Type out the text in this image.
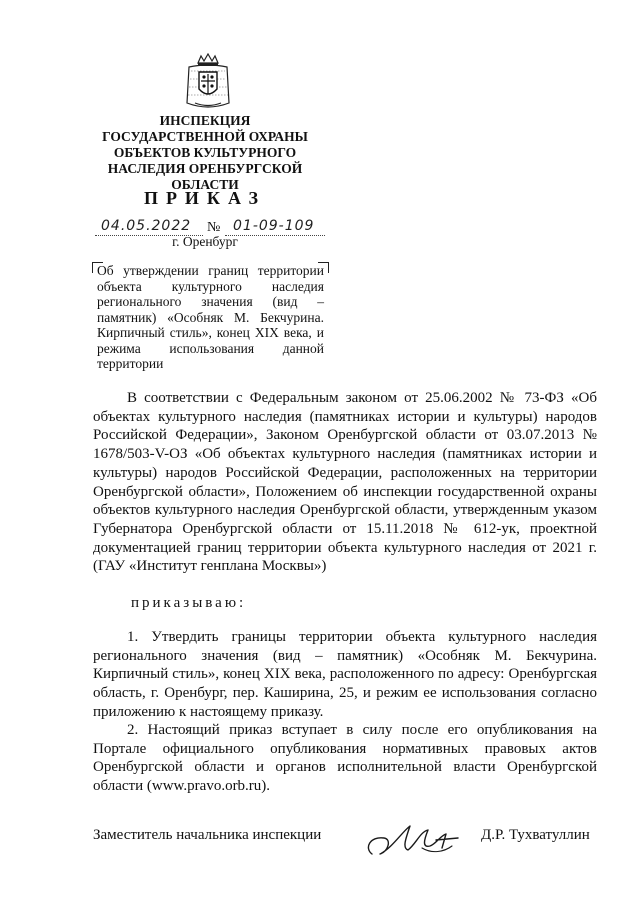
ИНСПЕКЦИЯ
ГОСУДАРСТВЕННОЙ ОХРАНЫ
ОБЪЕКТОВ КУЛЬТУРНОГО
НАСЛЕДИЯ ОРЕНБУРГСКОЙ
ОБЛАСТИ
ПРИКАЗ
04.05.2022 № 01-09-109
г. Оренбург
Об утверждении границ территории объекта культурного наследия регионального значения (вид – памятник) «Особняк М. Бекчурина. Кирпичный стиль», конец XIX века, и режима использования данной территории
В соответствии с Федеральным законом от 25.06.2002 № 73-ФЗ «Об объектах культурного наследия (памятниках истории и культуры) народов Российской Федерации», Законом Оренбургской области от 03.07.2013 № 1678/503-V-ОЗ «Об объектах культурного наследия (памятниках истории и культуры) народов Российской Федерации, расположенных на территории Оренбургской области», Положением об инспекции государственной охраны объектов культурного наследия Оренбургской области, утвержденным указом Губернатора Оренбургской области от 15.11.2018 № 612-ук, проектной документацией границ территории объекта культурного наследия от 2021 г. (ГАУ «Институт генплана Москвы»)
приказываю:
1. Утвердить границы территории объекта культурного наследия регионального значения (вид – памятник) «Особняк М. Бекчурина. Кирпичный стиль», конец XIX века, расположенного по адресу: Оренбургская область, г. Оренбург, пер. Каширина, 25, и режим ее использования согласно приложению к настоящему приказу.
2. Настоящий приказ вступает в силу после его опубликования на Портале официального опубликования нормативных правовых актов Оренбургской области и органов исполнительной власти Оренбургской области (www.pravo.orb.ru).
Заместитель начальника инспекции	Д.Р. Тухватуллин
